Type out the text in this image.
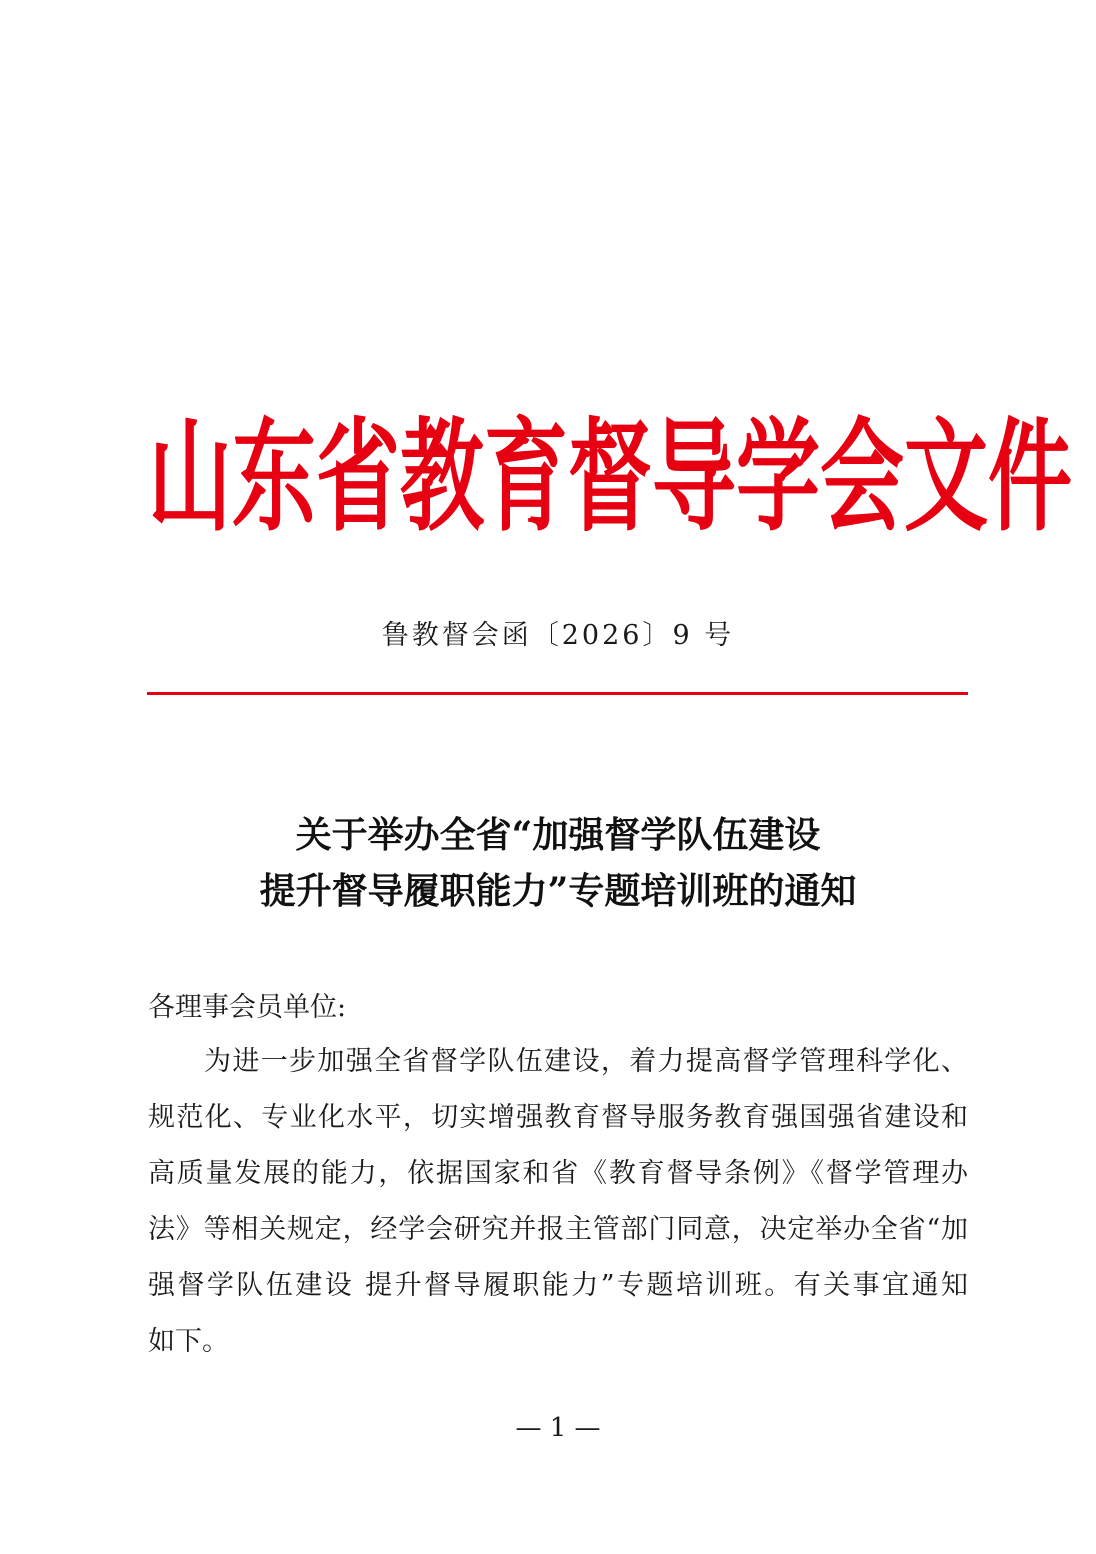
山东省教育督导学会文件
鲁教督会函〔2026〕9 号
关于举办全省“加强督学队伍建设
提升督导履职能力”专题培训班的通知
各理事会员单位:
为进一步加强全省督学队伍建设，着力提高督学管理科学化、
规范化、专业化水平，切实增强教育督导服务教育强国强省建设和
高质量发展的能力，依据国家和省《教育督导条例》《督学管理办
法》等相关规定，经学会研究并报主管部门同意，决定举办全省“加
强督学队伍建设 提升督导履职能力”专题培训班。有关事宜通知
如下。
— 1 —
